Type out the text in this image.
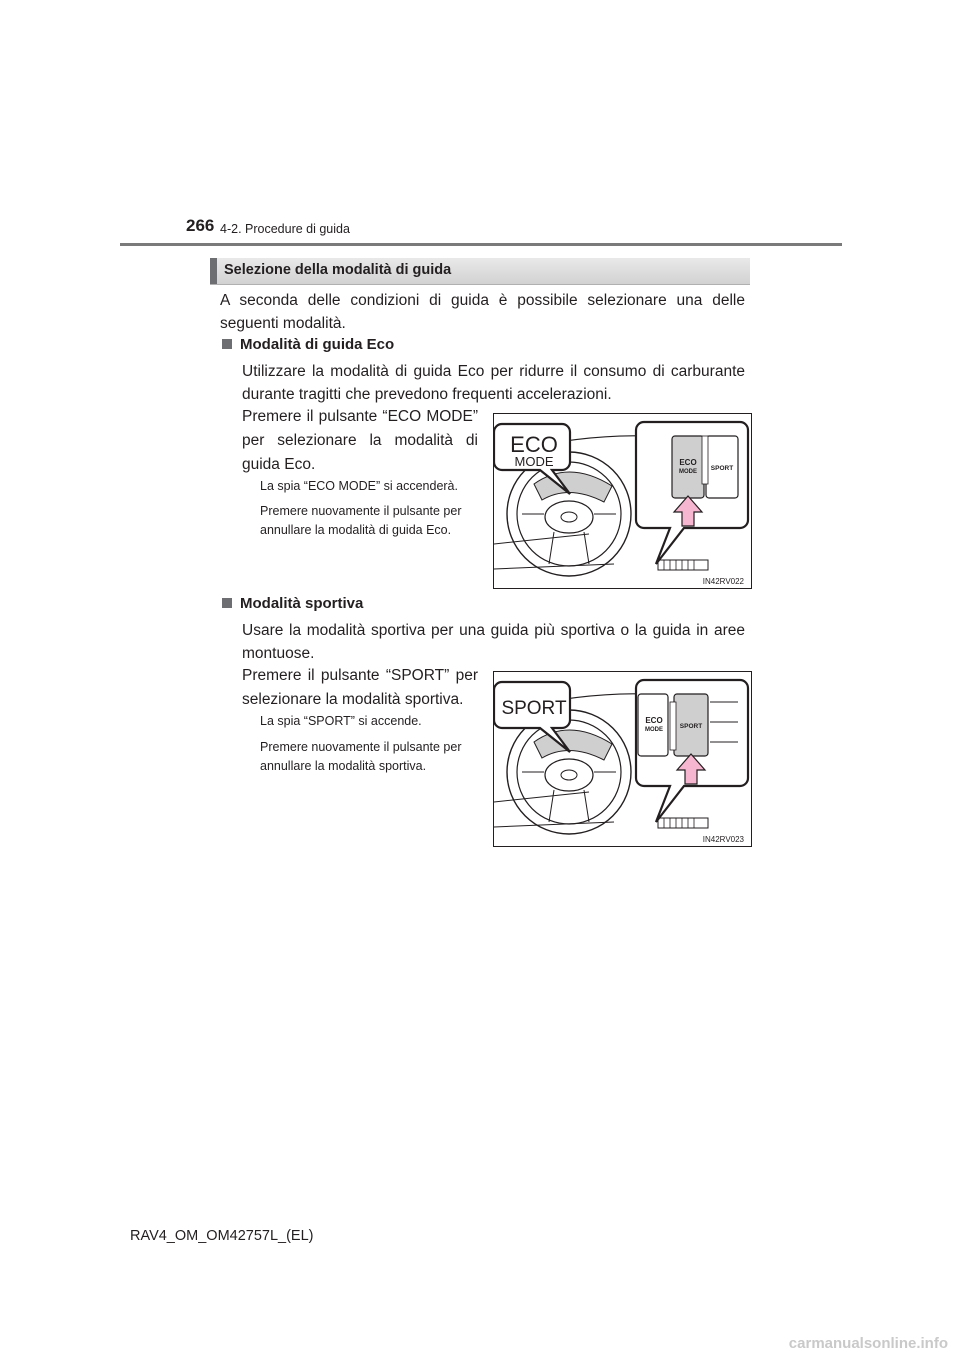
266 4-2. Procedure di guida
Selezione della modalità di guida
A seconda delle condizioni di guida è possibile selezionare una delle seguenti modalità.
Modalità di guida Eco
Utilizzare la modalità di guida Eco per ridurre il consumo di carburante durante tragitti che prevedono frequenti accelerazioni.
Premere il pulsante “ECO MODE” per selezionare la modalità di guida Eco.
La spia “ECO MODE” si accenderà.
Premere nuovamente il pulsante per annullare la modalità di guida Eco.
ECO
MODE	ECO
MODE SPORT
IN42RV022
Modalità sportiva
Usare la modalità sportiva per una guida più sportiva o la guida in aree montuose.
Premere il pulsante “SPORT” per selezionare la modalità sportiva.
La spia “SPORT” si accende.
Premere nuovamente il pulsante per annullare la modalità sportiva.
SPORT
ECO
MODE	SPORT
IN42RV023
RAV4_OM_OM42757L_(EL)
carmanualsonline.info
